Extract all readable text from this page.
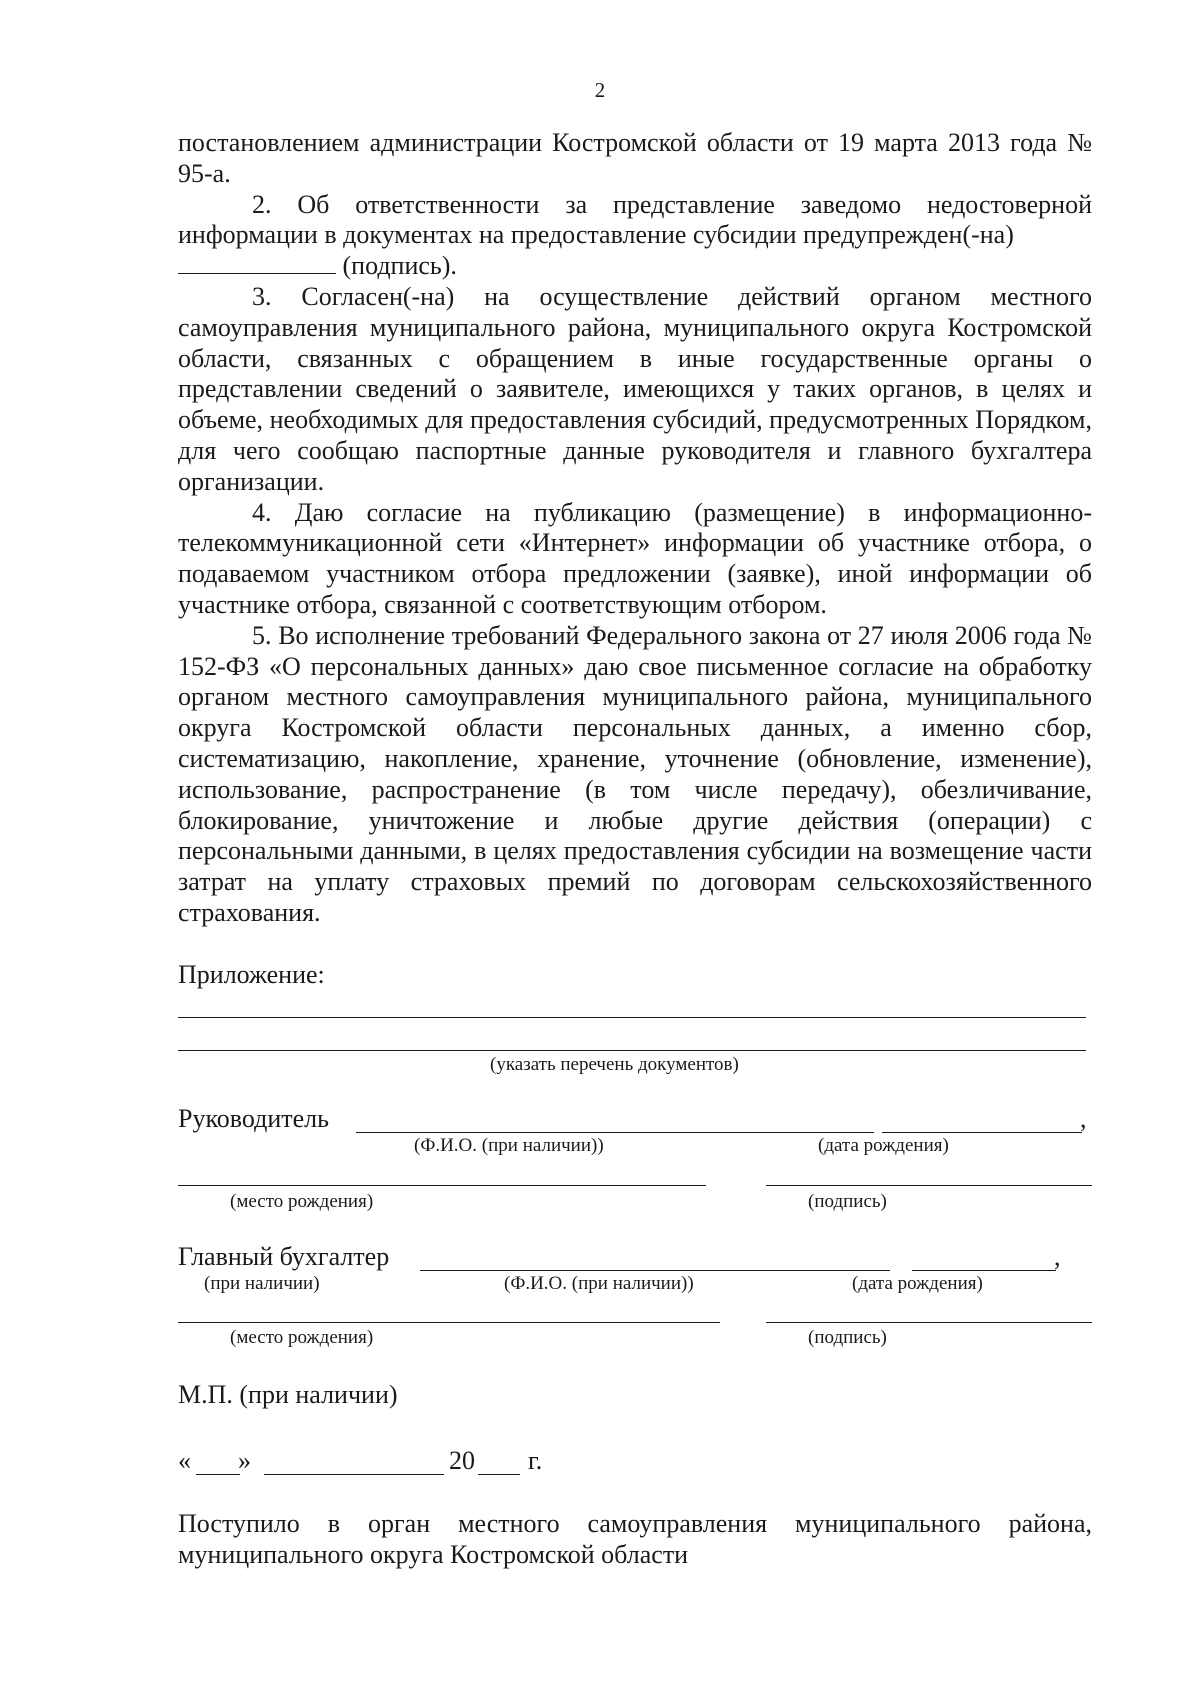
2

постановлением администрации Костромской области от 19 марта 2013 года № 95-а.

2. Об ответственности за представление заведомо недостоверной информации в документах на предоставление субсидии предупрежден(-на)

(подпись).

3. Согласен(-на) на осуществление действий органом местного самоуправления муниципального района, муниципального округа Костромской области, связанных с обращением в иные государственные органы о представлении сведений о заявителе, имеющихся у таких органов, в целях и объеме, необходимых для предоставления субсидий, предусмотренных Порядком, для чего сообщаю паспортные данные руководителя и главного бухгалтера организации.

4. Даю согласие на публикацию (размещение) в информационно-телекоммуникационной сети «Интернет» информации об участнике отбора, о подаваемом участником отбора предложении (заявке), иной информации об участнике отбора, связанной с соответствующим отбором.

5. Во исполнение требований Федерального закона от 27 июля 2006 года № 152-ФЗ «О персональных данных» даю свое письменное согласие на обработку органом местного самоуправления муниципального района, муниципального округа Костромской области персональных данных, а именно сбор, систематизацию, накопление, хранение, уточнение (обновление, изменение), использование, распространение (в том числе передачу), обезличивание, блокирование, уничтожение и любые другие действия (операции) с персональными данными, в целях предоставления субсидии на возмещение части затрат на уплату страховых премий по договорам сельскохозяйственного страхования.

Приложение:
(указать перечень документов)
Руководитель	,
(Ф.И.О. (при наличии))	(дата рождения)
(место рождения)	(подпись)
Главный бухгалтер	,
(при наличии)	(Ф.И.О. (при наличии))	(дата рождения)
(место рождения)	(подпись)
М.П. (при наличии)
« »	20 г.
Поступило в орган местного самоуправления муниципального района, муниципального округа Костромской области
